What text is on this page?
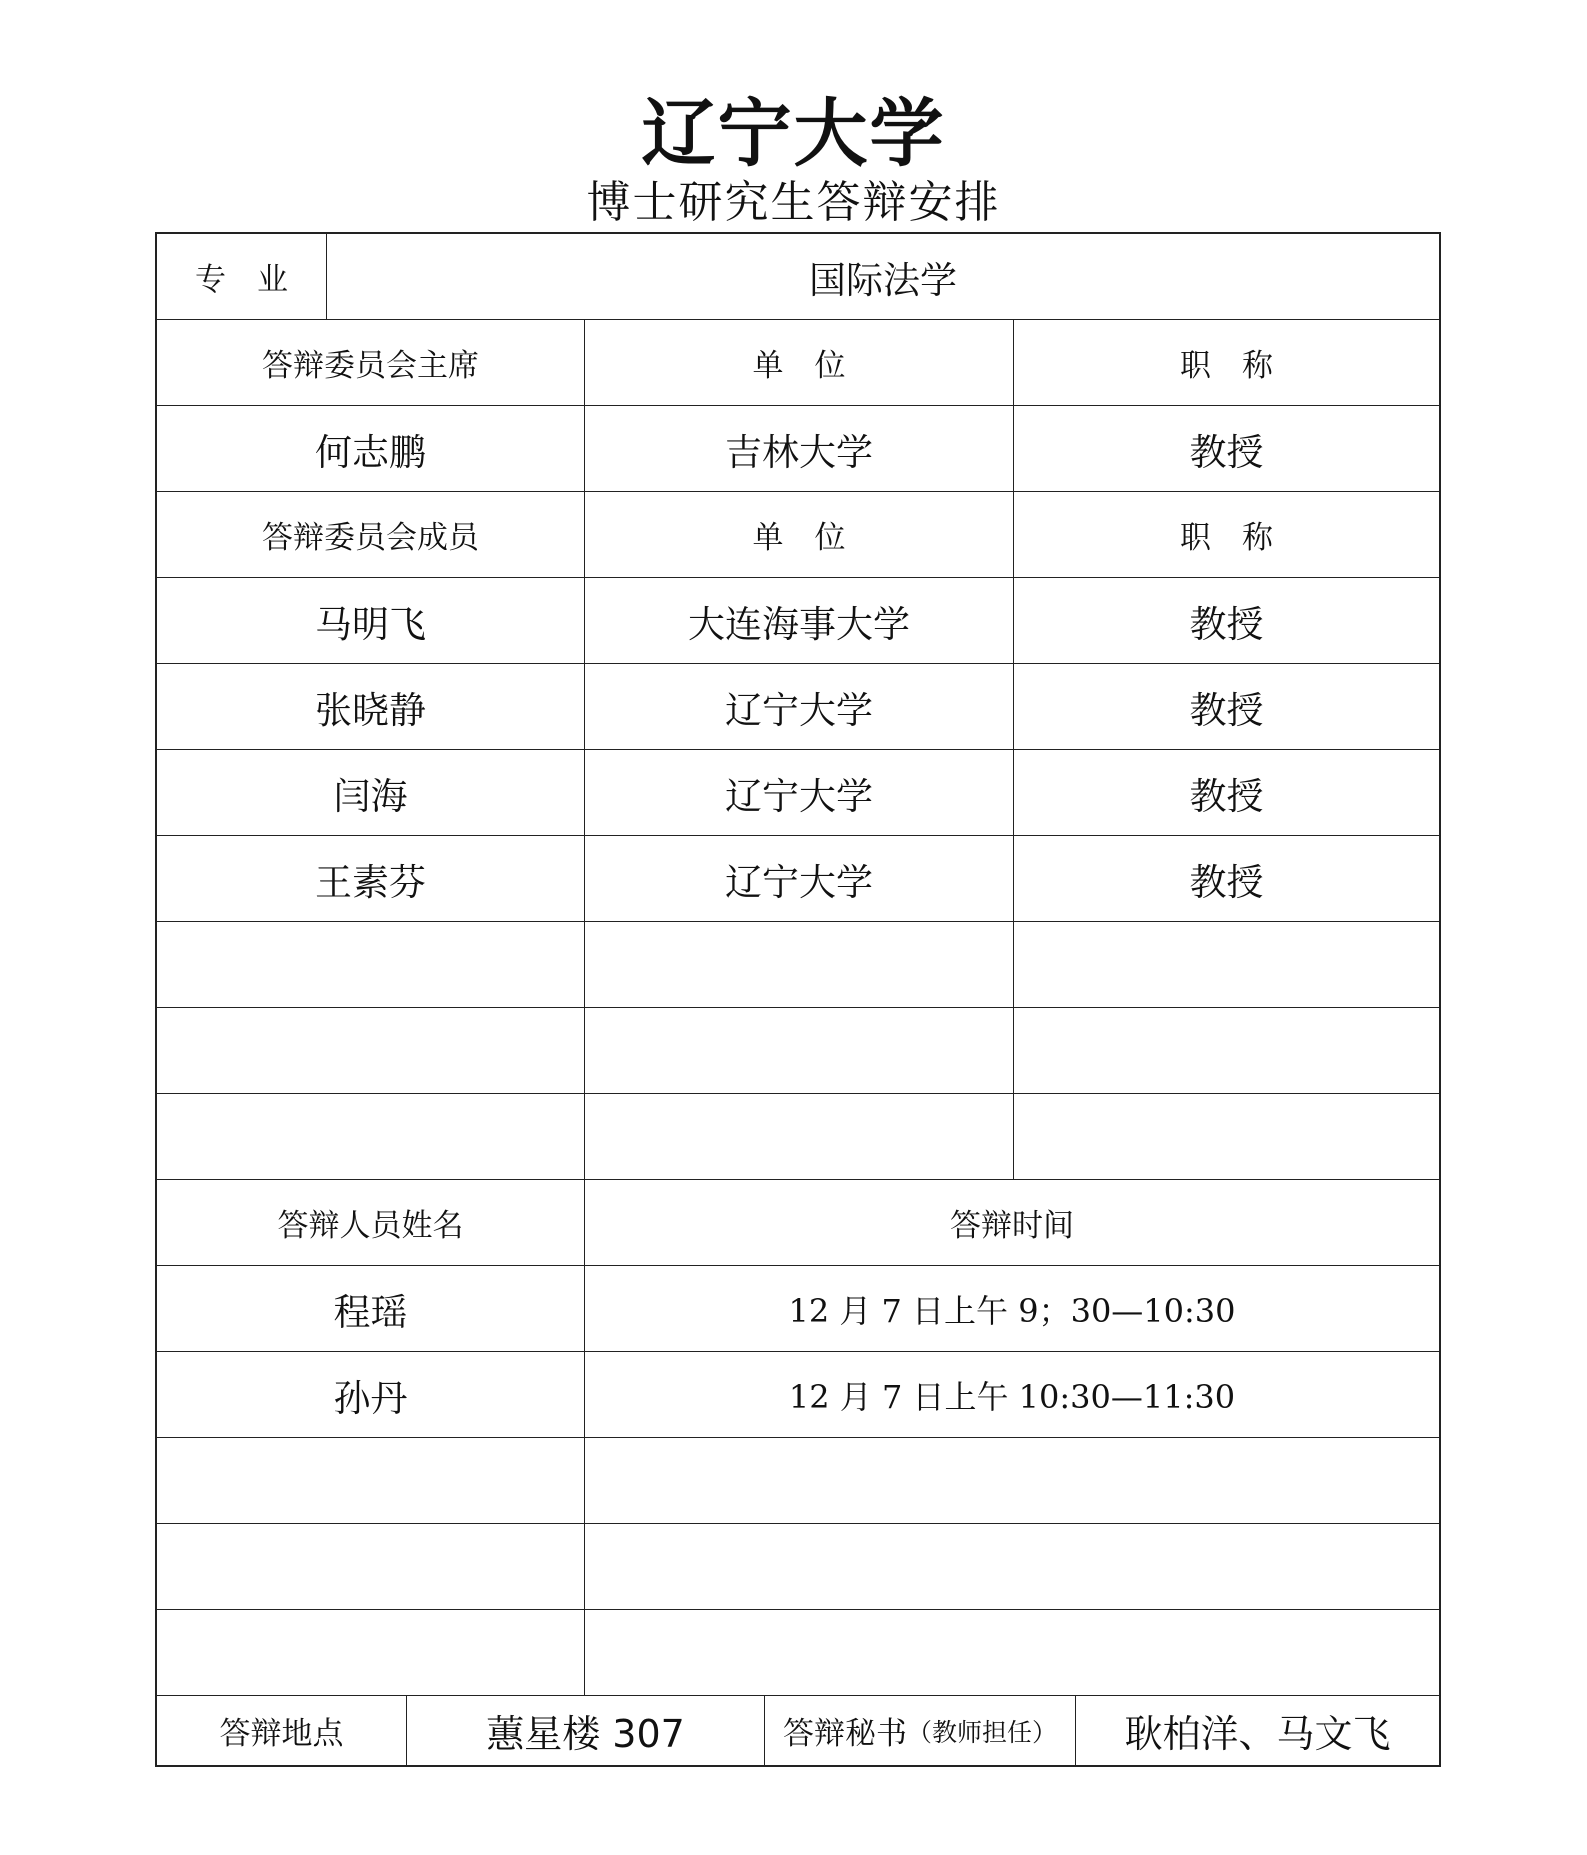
辽宁大学
博士研究生答辩安排
专　业	国际法学
答辩委员会主席	单　位	职　称
何志鹏	吉林大学	教授
答辩委员会成员	单　位	职　称
马明飞	大连海事大学	教授
张晓静	辽宁大学	教授
闫海	辽宁大学	教授
王素芬	辽宁大学	教授
答辩人员姓名	答辩时间
程瑶	12 月 7 日上午 9；30—10:30
孙丹	12 月 7 日上午 10:30—11:30
答辩地点	蕙星楼 307	答辩秘书 （教师担任）	耿柏洋、马文飞
